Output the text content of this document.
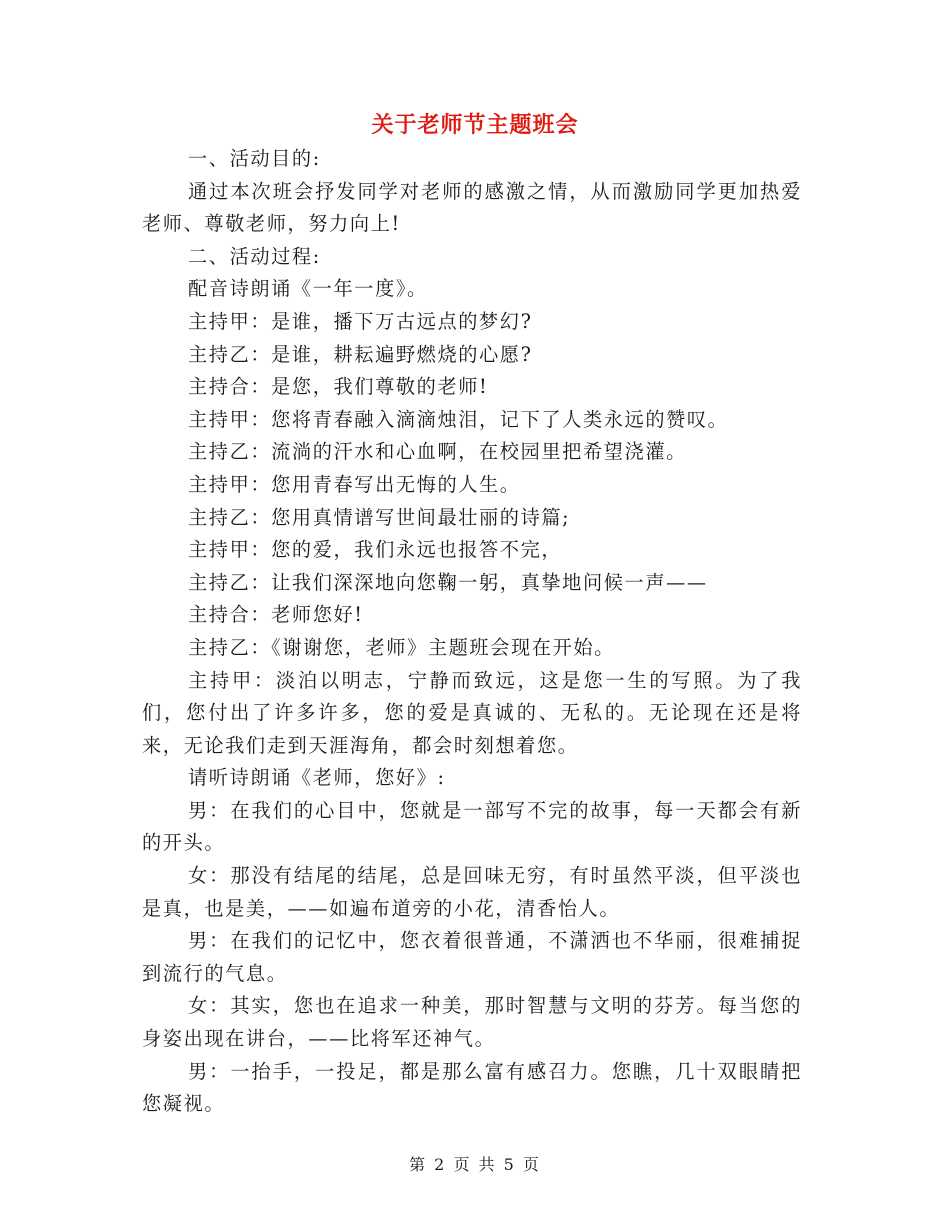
关于老师节主题班会

一、活动目的:

通过本次班会抒发同学对老师的感激之情，从而激励同学更加热爱老师、尊敬老师，努力向上!

二、活动过程:

配音诗朗诵《一年一度》。

主持甲：是谁，播下万古远点的梦幻?

主持乙：是谁，耕耘遍野燃烧的心愿?

主持合：是您，我们尊敬的老师!

主持甲：您将青春融入滴滴烛泪，记下了人类永远的赞叹。

主持乙：流淌的汗水和心血啊，在校园里把希望浇灌。

主持甲：您用青春写出无悔的人生。

主持乙：您用真情谱写世间最壮丽的诗篇;

主持甲：您的爱，我们永远也报答不完，

主持乙：让我们深深地向您鞠一躬，真挚地问候一声——

主持合：老师您好!

主持乙：《谢谢您，老师》主题班会现在开始。

主持甲：淡泊以明志，宁静而致远，这是您一生的写照。为了我们，您付出了许多许多，您的爱是真诚的、无私的。无论现在还是将来，无论我们走到天涯海角，都会时刻想着您。

请听诗朗诵《老师，您好》:

男：在我们的心目中，您就是一部写不完的故事，每一天都会有新的开头。

女：那没有结尾的结尾，总是回味无穷，有时虽然平淡，但平淡也是真，也是美，——如遍布道旁的小花，清香怡人。

男：在我们的记忆中，您衣着很普通，不潇洒也不华丽，很难捕捉到流行的气息。

女：其实，您也在追求一种美，那时智慧与文明的芬芳。每当您的身姿出现在讲台，——比将军还神气。

男：一抬手，一投足，都是那么富有感召力。您瞧，几十双眼睛把您凝视。

第 2 页 共 5 页
